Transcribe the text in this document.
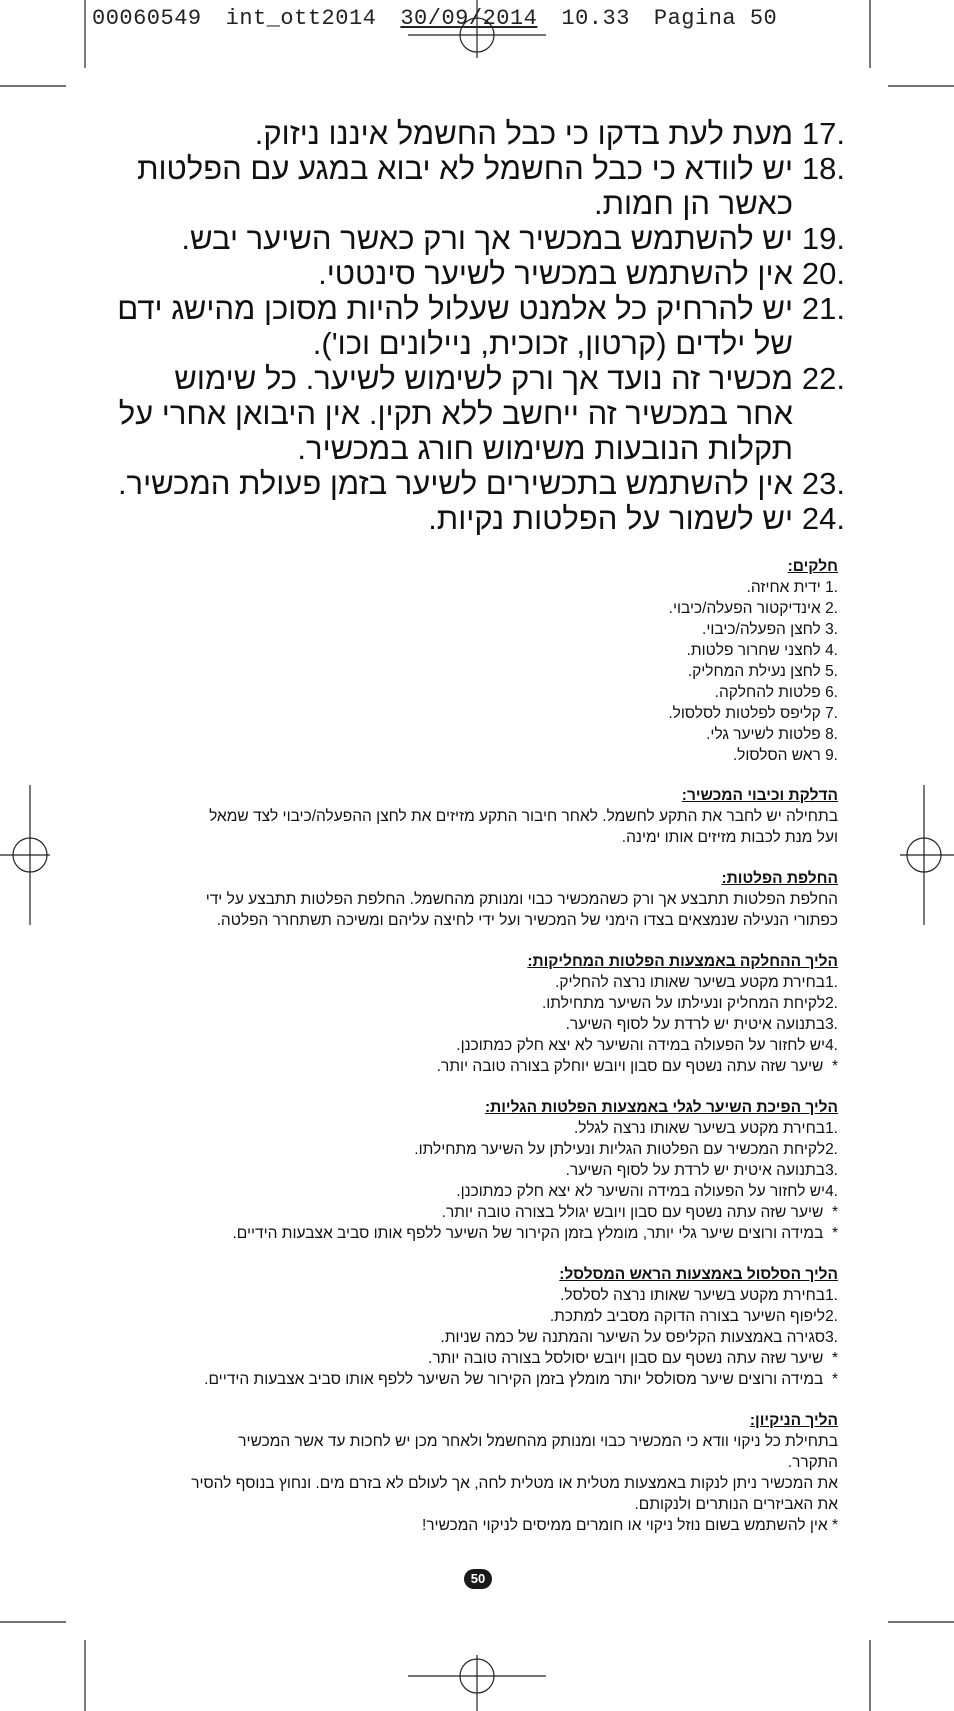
00060549 int_ott2014 30/09/2014 10.33 Pagina 50
17.
מעת לעת בדקו כי כבל החשמל איננו ניזוק.
18.
יש לוודא כי כבל החשמל לא יבוא במגע עם הפלטות כאשר הן חמות.
19.
יש להשתמש במכשיר אך ורק כאשר השיער יבש.
20.
אין להשתמש במכשיר לשיער סינטטי.
21.
יש להרחיק כל אלמנט שעלול להיות מסוכן מהישג ידם של ילדים (קרטון, זכוכית, ניילונים וכו').
22.
מכשיר זה נועד אך ורק לשימוש לשיער. כל שימוש אחר במכשיר זה ייחשב ללא תקין. אין היבואן אחרי על תקלות הנובעות משימוש חורג במכשיר.
23.
אין להשתמש בתכשירים לשיער בזמן פעולת המכשיר.
24.
יש לשמור על הפלטות נקיות.
חלקים:
1. ידית אחיזה.
2. אינדיקטור הפעלה/כיבוי.
3. לחצן הפעלה/כיבוי.
4. לחצני שחרור פלטות.
5. לחצן נעילת המחליק.
6. פלטות להחלקה.
7. קליפס לפלטות לסלסול.
8. פלטות לשיער גלי.
9. ראש הסלסול.
הדלקת וכיבוי המכשיר:

בתחילה יש לחבר את התקע לחשמל. לאחר חיבור התקע מזיזים את לחצן ההפעלה/כיבוי לצד שמאל

ועל מנת לכבות מזיזים אותו ימינה.

החלפת הפלטות:

החלפת הפלטות תתבצע אך ורק כשהמכשיר כבוי ומנותק מהחשמל. החלפת הפלטות תתבצע על ידי

כפתורי הנעילה שנמצאים בצדו הימני של המכשיר ועל ידי לחיצה עליהם ומשיכה תשתחרר הפלטה.

הליך ההחלקה באמצעות הפלטות המחליקות:
1.בחירת מקטע בשיער שאותו נרצה להחליק.
2.לקיחת המחליק ונעילתו על השיער מתחילתו.
3.בתנועה איטית יש לרדת על לסוף השיער.
4.יש לחזור על הפעולה במידה והשיער לא יצא חלק כמתוכנן.
*  שיער שזה עתה נשטף עם סבון ויובש יוחלק בצורה טובה יותר.
הליך הפיכת השיער לגלי באמצעות הפלטות הגליות:
1.בחירת מקטע בשיער שאותו נרצה לגלל.
2.לקיחת המכשיר עם הפלטות הגליות ונעילתן על השיער מתחילתו.
3.בתנועה איטית יש לרדת על לסוף השיער.
4.יש לחזור על הפעולה במידה והשיער לא יצא חלק כמתוכנן.
*  שיער שזה עתה נשטף עם סבון ויובש יגולל בצורה טובה יותר.
*  במידה ורוצים שיער גלי יותר, מומלץ בזמן הקירור של השיער ללפף אותו סביב אצבעות הידיים.
הליך הסלסול באמצעות הראש המסלסל:
1.בחירת מקטע בשיער שאותו נרצה לסלסל.
2.ליפוף השיער בצורה הדוקה מסביב למתכת.
3.סגירה באמצעות הקליפס על השיער והמתנה של כמה שניות.
*  שיער שזה עתה נשטף עם סבון ויובש יסולסל בצורה טובה יותר.
*  במידה ורוצים שיער מסולסל יותר מומלץ בזמן הקירור של השיער ללפף אותו סביב אצבעות הידיים.
הליך הניקיון:

בתחילת כל ניקוי וודא כי המכשיר כבוי ומנותק מהחשמל ולאחר מכן יש לחכות עד אשר המכשיר

התקרר.

את המכשיר ניתן לנקות באמצעות מטלית או מטלית לחה, אך לעולם לא בזרם מים. ונחוץ בנוסף להסיר

את האביזרים הנותרים ולנקותם.

* אין להשתמש בשום נוזל ניקוי או חומרים ממיסים לניקוי המכשיר!

50
